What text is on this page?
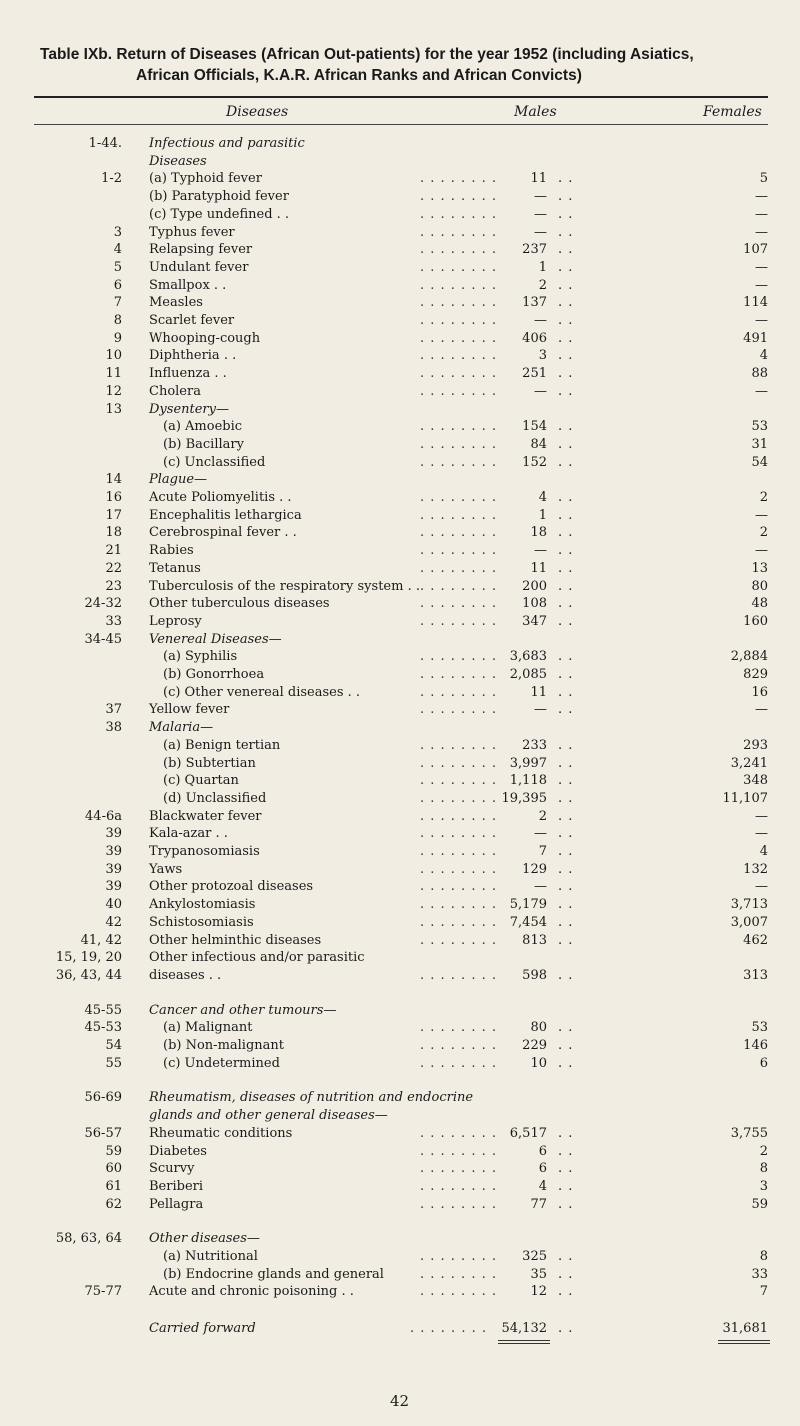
Table IXb. Return of Diseases (African Out-patients) for the year 1952 (including Asiatics,
African Officials, K.A.R. African Ranks and African Convicts)
Diseases	Males	Females
1-44. Infectious and parasitic
Diseases
1-2 (a) Typhoid fever	. . . . . . . .	11 . .	5
(b) Paratyphoid fever	. . . . . . . .	— . .	—
(c) Type undefined . .	. . . . . . . .	— . .	—
3 Typhus fever	. . . . . . . .	— . .	—
4 Relapsing fever	. . . . . . . .	237 . .	107
5 Undulant fever	. . . . . . . .	1 . .	—
6 Smallpox . .	. . . . . . . .	2 . .	—
7 Measles	. . . . . . . .	137 . .	114
8 Scarlet fever	. . . . . . . .	— . .	—
9 Whooping-cough	. . . . . . . .	406 . .	491
10 Diphtheria . .	. . . . . . . .	3 . .	4
11 Influenza . .	. . . . . . . .	251 . .	88
12 Cholera	. . . . . . . .	— . .	—
13 Dysentery—
(a) Amoebic	. . . . . . . .	154 . .	53
(b) Bacillary	. . . . . . . .	84 . .	31
(c) Unclassified	. . . . . . . .	152 . .	54
14 Plague—
16 Acute Poliomyelitis . .	. . . . . . . .	4 . .	2
17 Encephalitis lethargica	. . . . . . . .	1 . .	—
18 Cerebrospinal fever . .	. . . . . . . .	18 . .	2
21 Rabies	. . . . . . . .	— . .	—
22 Tetanus	. . . . . . . .	11 . .	13
23 Tuberculosis of the respiratory system . . . . . . . . . .	200 . .	80
24-32 Other tuberculous diseases	. . . . . . . .	108 . .	48
33 Leprosy	. . . . . . . .	347 . .	160
34-45 Venereal Diseases—
(a) Syphilis	. . . . . . . . 3,683 . .	2,884
(b) Gonorrhoea	. . . . . . . . 2,085 . .	829
(c) Other venereal diseases . .	. . . . . . . .	11 . .	16
37 Yellow fever	. . . . . . . .	— . .	—
38 Malaria—
(a) Benign tertian	. . . . . . . .	233 . .	293
(b) Subtertian	. . . . . . . . 3,997 . .	3,241
(c) Quartan	. . . . . . . . 1,118 . .	348
(d) Unclassified	. . . . . . . . 19,395 . .	11,107
44-6a Blackwater fever	. . . . . . . .	2 . .	—
39 Kala-azar . .	. . . . . . . .	— . .	—
39 Trypanosomiasis	. . . . . . . .	7 . .	4
39 Yaws	. . . . . . . .	129 . .	132
39 Other protozoal diseases	. . . . . . . .	— . .	—
40 Ankylostomiasis	. . . . . . . . 5,179 . .	3,713
42 Schistosomiasis	. . . . . . . . 7,454 . .	3,007
41, 42 Other helminthic diseases	. . . . . . . .	813 . .	462
15, 19, 20 Other infectious and/or parasitic
36, 43, 44 diseases . .	. . . . . . . .	598 . .	313
45-55 Cancer and other tumours—
45-53	(a) Malignant	. . . . . . . .	80 . .	53
54	(b) Non-malignant	. . . . . . . .	229 . .	146
55	(c) Undetermined	. . . . . . . .	10 . .	6
56-69 Rheumatism, diseases of nutrition and endocrine
glands and other general diseases—
56-57 Rheumatic conditions	. . . . . . . . 6,517 . .	3,755
59 Diabetes	. . . . . . . .	6 . .	2
60 Scurvy	. . . . . . . .	6 . .	8
61 Beriberi	. . . . . . . .	4 . .	3
62 Pellagra	. . . . . . . .	77 . .	59
58, 63, 64 Other diseases—
(a) Nutritional	. . . . . . . .	325 . .	8
(b) Endocrine glands and general	. . . . . . . .	35 . .	33
75-77 Acute and chronic poisoning . .	. . . . . . . .	12 . .	7
Carried forward	. . . . . . . .	54,132 . .	31,681
42
